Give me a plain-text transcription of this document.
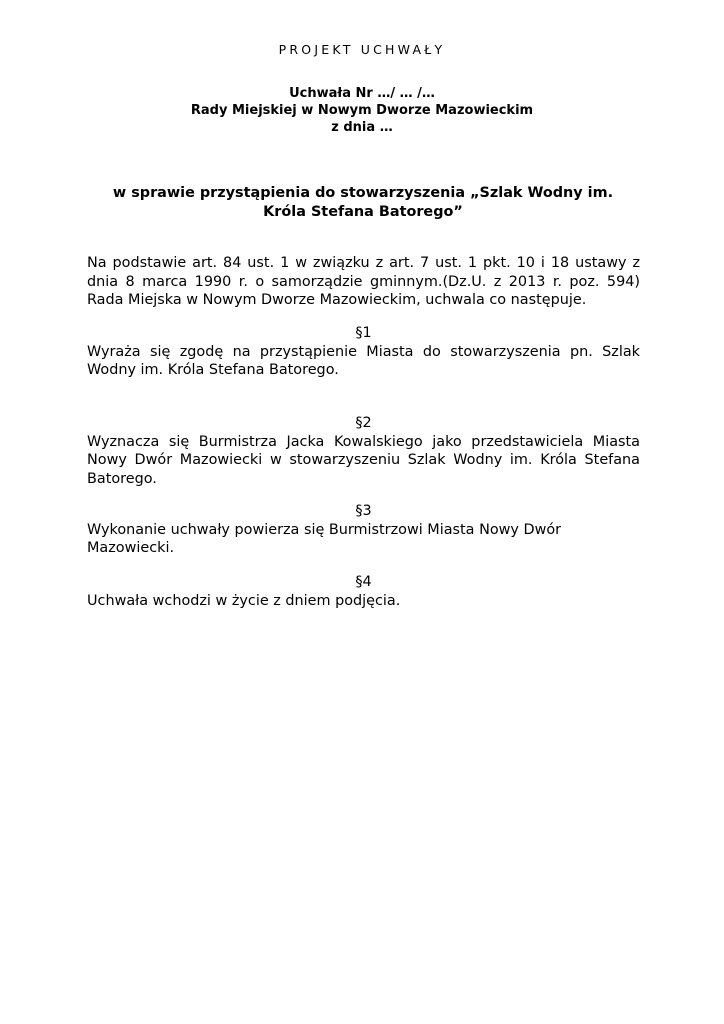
PROJEKT UCHWAŁY
Uchwała Nr …/ … /…
Rady Miejskiej w Nowym Dworze Mazowieckim
z dnia …
w sprawie przystąpienia do stowarzyszenia „Szlak Wodny im.
Króla Stefana Batorego”
Na podstawie art. 84 ust. 1 w związku z art. 7 ust. 1 pkt. 10 i 18 ustawy z dnia 8 marca 1990 r. o samorządzie gminnym.(Dz.U. z 2013 r. poz. 594) Rada Miejska w Nowym Dworze Mazowieckim, uchwala co następuje.
§1
Wyraża się zgodę na przystąpienie Miasta do stowarzyszenia pn. Szlak Wodny im. Króla Stefana Batorego.
§2
Wyznacza się Burmistrza Jacka Kowalskiego jako przedstawiciela Miasta Nowy Dwór Mazowiecki w stowarzyszeniu Szlak Wodny im. Króla Stefana Batorego.
§3
Wykonanie uchwały powierza się Burmistrzowi Miasta Nowy Dwór Mazowiecki.
§4
Uchwała wchodzi w życie z dniem podjęcia.
